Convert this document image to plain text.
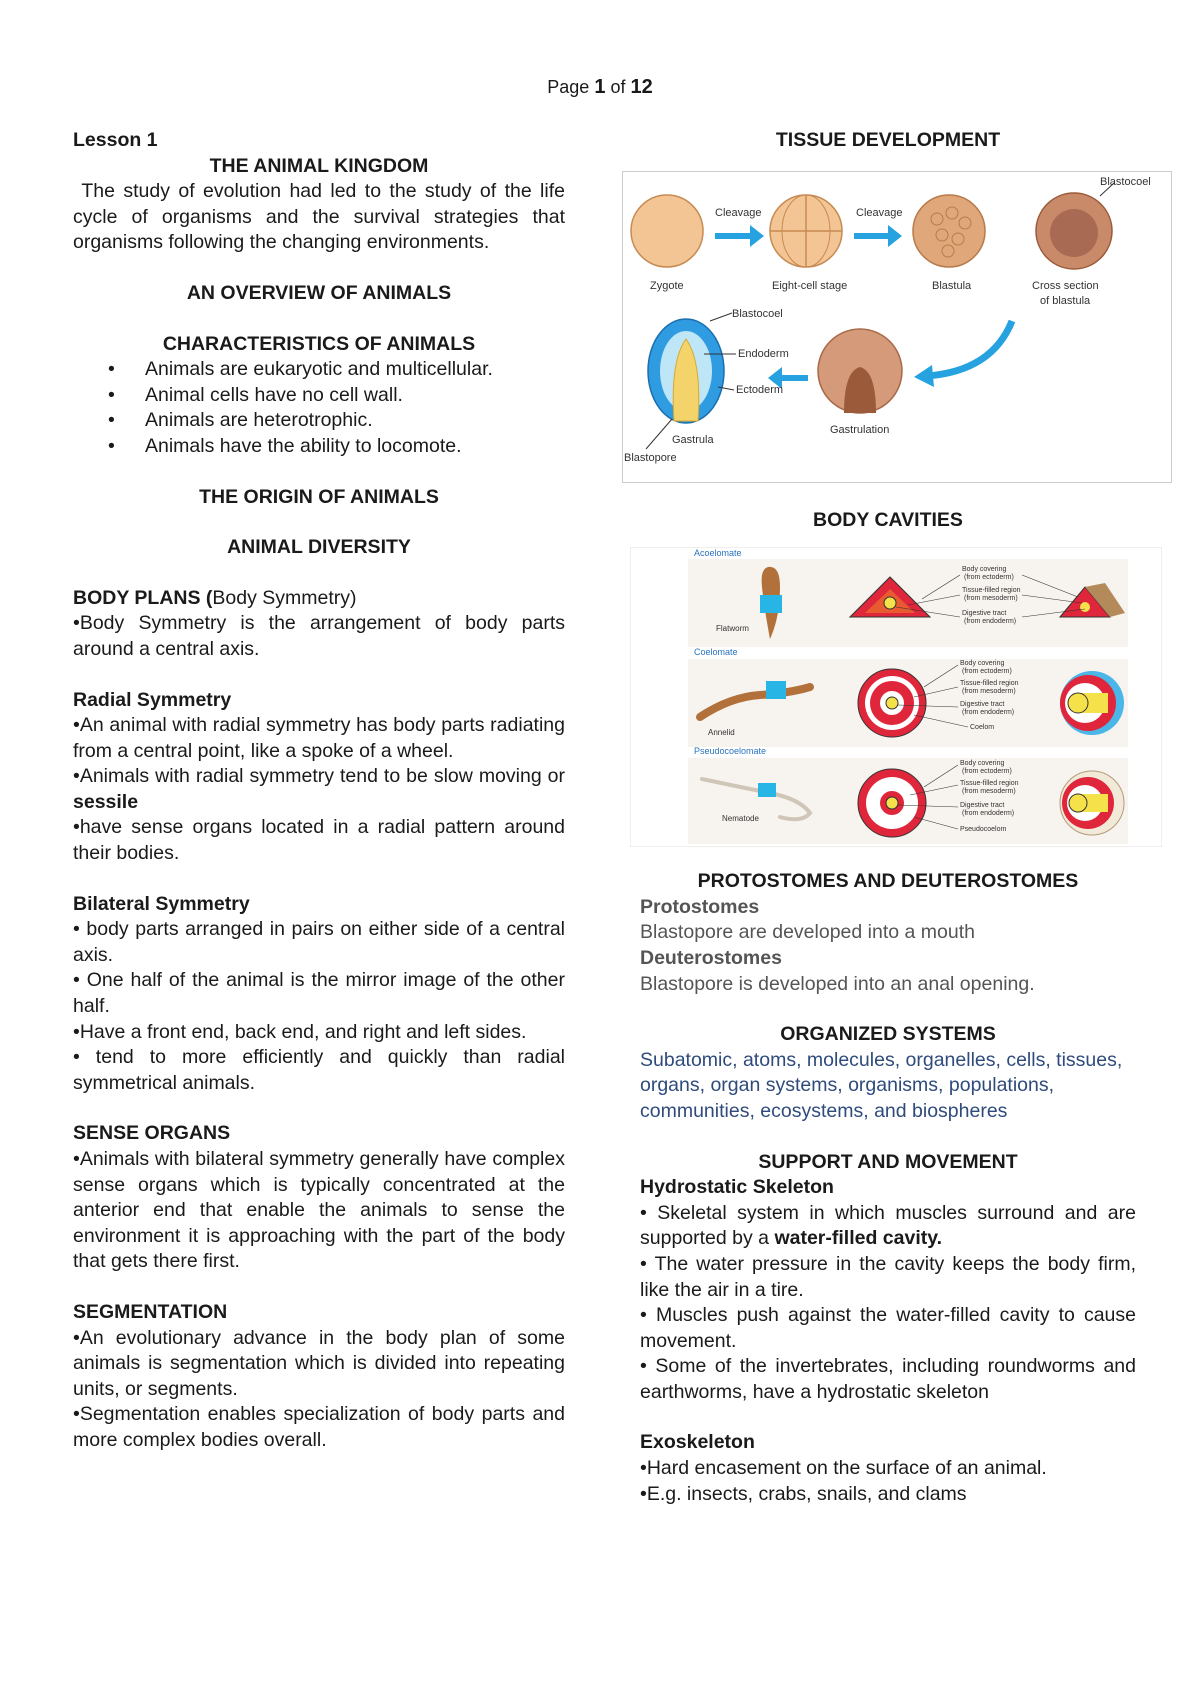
Page 1 of 12
Lesson 1
THE ANIMAL KINGDOM
The study of evolution had led to the study of the life cycle of organisms and the survival strategies that organisms following the changing environments.
AN OVERVIEW OF ANIMALS
CHARACTERISTICS OF ANIMALS
• Animals are eukaryotic and multicellular.
• Animal cells have no cell wall.
• Animals are heterotrophic.
• Animals have the ability to locomote.
THE ORIGIN OF ANIMALS
ANIMAL DIVERSITY
BODY PLANS (Body Symmetry)
•Body Symmetry is the arrangement of body parts around a central axis.
Radial Symmetry
•An animal with radial symmetry has body parts radiating from a central point, like a spoke of a wheel.
•Animals with radial symmetry tend to be slow moving or sessile
•have sense organs located in a radial pattern around their bodies.
Bilateral Symmetry
• body parts arranged in pairs on either side of a central axis.
• One half of the animal is the mirror image of the other half.
•Have a front end, back end, and right and left sides.
• tend to more efficiently and quickly than radial symmetrical animals.
SENSE ORGANS
•Animals with bilateral symmetry generally have complex sense organs which is typically concentrated at the anterior end that enable the animals to sense the environment it is approaching with the part of the body that gets there first.
SEGMENTATION
•An evolutionary advance in the body plan of some animals is segmentation which is divided into repeating units, or segments.
•Segmentation enables specialization of body parts and more complex bodies overall.
TISSUE DEVELOPMENT
Cleavage	Cleavage
Blastocoel
Zygote	Eight-cell stage	Blastula	Cross section
of blastula
Gastrulation
Blastocoel
Endoderm
Ectoderm
Gastrula
Blastopore
BODY CAVITIES
Acoelomate
Flatworm
Body covering
(from ectoderm)
Tissue-filled region
(from mesoderm)
Digestive tract
(from endoderm)
Coelomate
Annelid
Body covering
(from ectoderm)
Tissue-filled region
(from mesoderm)
Digestive tract
(from endoderm)
Coelom
Pseudocoelomate
Nematode
Body covering
(from ectoderm)
Tissue-filled region
(from mesoderm)
Digestive tract
(from endoderm)
Pseudocoelom
PROTOSTOMES AND DEUTEROSTOMES
Protostomes
Blastopore are developed into a mouth
Deuterostomes
Blastopore is developed into an anal opening.
ORGANIZED SYSTEMS
Subatomic, atoms, molecules, organelles, cells, tissues, organs, organ systems, organisms, populations, communities, ecosystems, and biospheres
SUPPORT AND MOVEMENT
Hydrostatic Skeleton
• Skeletal system in which muscles surround and are supported by a water-filled cavity.
• The water pressure in the cavity keeps the body firm, like the air in a tire.
• Muscles push against the water-filled cavity to cause movement.
• Some of the invertebrates, including roundworms and earthworms, have a hydrostatic skeleton
Exoskeleton
•Hard encasement on the surface of an animal.
•E.g. insects, crabs, snails, and clams
